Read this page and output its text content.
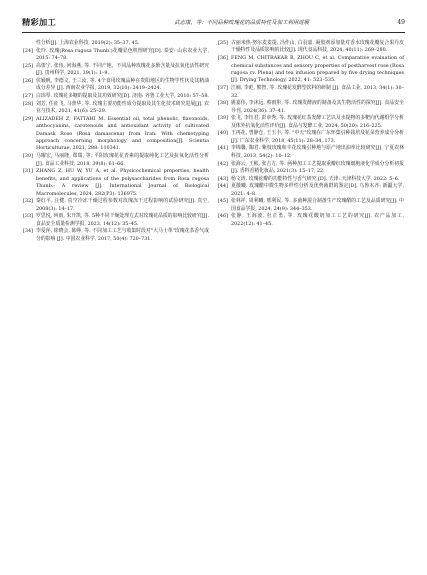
精彩加工	武志康，等：不同品种玫瑰花的品质特性及加工利用进展	49
性分析[J]. 上海农业科技, 2019(2): 35–37, 45.
[24] 张玲. 玫瑰(Rosa rugosa Thunb.)花瓣显色机理研究[D]. 泰安: 山东农业大学, 2015: 74–78.
[25] 高蕾宁, 张伟, 何海燕, 等. 不同产地、不同品种玫瑰花多酚含量及抗氧化活性研究[J]. 贵州科学, 2021, 39(1): 1–9.
[26] 侯颖帆, 李德文, 于三汝, 等. 4个食用玫瑰品种在贵阳地区的生物学性状及其精油成分差异 [J]. 西南农业学报, 2019, 32(10): 2419–2424.
[27] 白玮琴. 玫瑰花多糖的提取及其功效研究[D]. 济南: 齐鲁工业大学, 2010: 57–58.
[28] 刘芳, 任征飞, 马蕾华, 等. 玫瑰主要功能性成分提取及其生化技术研究进展[J]. 农业与技术, 2021, 41(6): 25–29.
[29] ALIZADEH Z, FATTAHI M. Essential oil, total phenolic, flavonoids, anthocyanins, carotenoids and antioxidant activity of cultivated Damask Rose (Rosa damascena) from Iran: With chemotyping approach concerning morphology and composition[J]. Scientia Horticulturae, 2021, 288: 110341.
[30] 马曜宏, 马丽隆, 郑瑞, 等. 平阴玫瑰花花青素的提取纯化工艺及抗氧化活性分析[J]. 食品工业科技, 2018, 39(8): 61–66.
[31] ZHANG Z, HU W, YU A, et al. Physicochemical properties, health benefits, and applications of the polysaccharides from Rosa rugosa Thunb.: A review [J]. International Journal of Biological Macromolecules, 2024, 282(P3): 136975.
[32] 秦红平, 汪健. 真空冷冻干燥过程参数对玫瑰冻干过程影响的试验研究[J]. 真空, 2008(3): 14–17.
[33] 罗思悦, 何雨, 朱开凯, 等. 5种不同干燥处理方式对玫瑰花品质的影响比较研究[J]. 食品安全质量检测学报, 2023, 14(12): 35–45.
[34] 李爱萍, 徐晓会, 陈峥, 等. 不同加工工艺与收集时段对"大马士革"玫瑰花茶香气成分的影响 [J]. 中国农业科学, 2017, 50(4): 720–731.
[35] 古丽米热·努尔麦麦提, 冯作山, 白羽嘉. 凝胶剂添加量对香水玫瑰花瓣复合果丹皮干燥特性及品质影响的比较[J]. 现代食品科技, 2024, 40(11): 269–280.
[36] FENG M, CHITRAKAR B, ZHOU C, et al. Comparative evaluation of chemical substances and sensory properties of postharvest rose (Rosa rugosa cv. Plena) and tea infusion prepared by five drying techniques [J]. Drying Technology, 2022, 41: 523–535.
[37] 江楠, 李彪, 熊智, 等. 玫瑰花发酵型饮料的研制 [J]. 食品工业, 2013, 34(1): 30–32.
[38] 姚嘉伟, 李沐远, 蔡雨彤, 等. 玫瑰发酵液的制备及其生物活性的探究[J]. 食品安全导刊, 2024(36): 37–41.
[39] 张飞, 李钰君, 彭章秀, 等. 玫瑰花红茶发酵工艺以及水提物的多靶向代谢组学分析及体外抗氧化活性评价[J]. 食品与发酵工业, 2024, 50(20): 216–225.
[40] 王再花, 曾静仓, 王玉丰, 等. "中天"玫瑰在广东怀集引种栽培及花朵营养成分分析[J]. 广东农业科学, 2018, 45(11): 28–34, 173.
[41] 李锦馨, 陶君. 紫枝玫瑰和丰花玫瑰引种地与原产地出油率比较研究[J]. 宁夏农林科技, 2013, 54(2): 10–12.
[42] 张海云, 王彬, 张吉方, 等. 两种加工工艺提取重瓣红玫瑰细胞液化学成分分析初报 [J]. 香料香精化妆品, 2021(3): 15–17, 22.
[43] 杨文涛. 玫瑰花瓣的功能特性与香气研究 [D]. 天津: 天津科技大学, 2022: 5–6.
[44] 夏薇曦. 玫瑰醋中微生物多样性分析及优势菌群的鉴定[D]. 乌鲁木齐: 新疆大学, 2021: 4–8.
[45] 张林祥, 周利曦, 邢利民, 等. 多菌种混合制备生产玫瑰醋的工艺及品质研究[J]. 中国食品学报, 2024, 24(9): 344–353.
[46] 张静, 王海波, 杜正勇, 等. 玫瑰花酸奶加工工艺的研究[J]. 农产品加工, 2022(12): 41–45.
